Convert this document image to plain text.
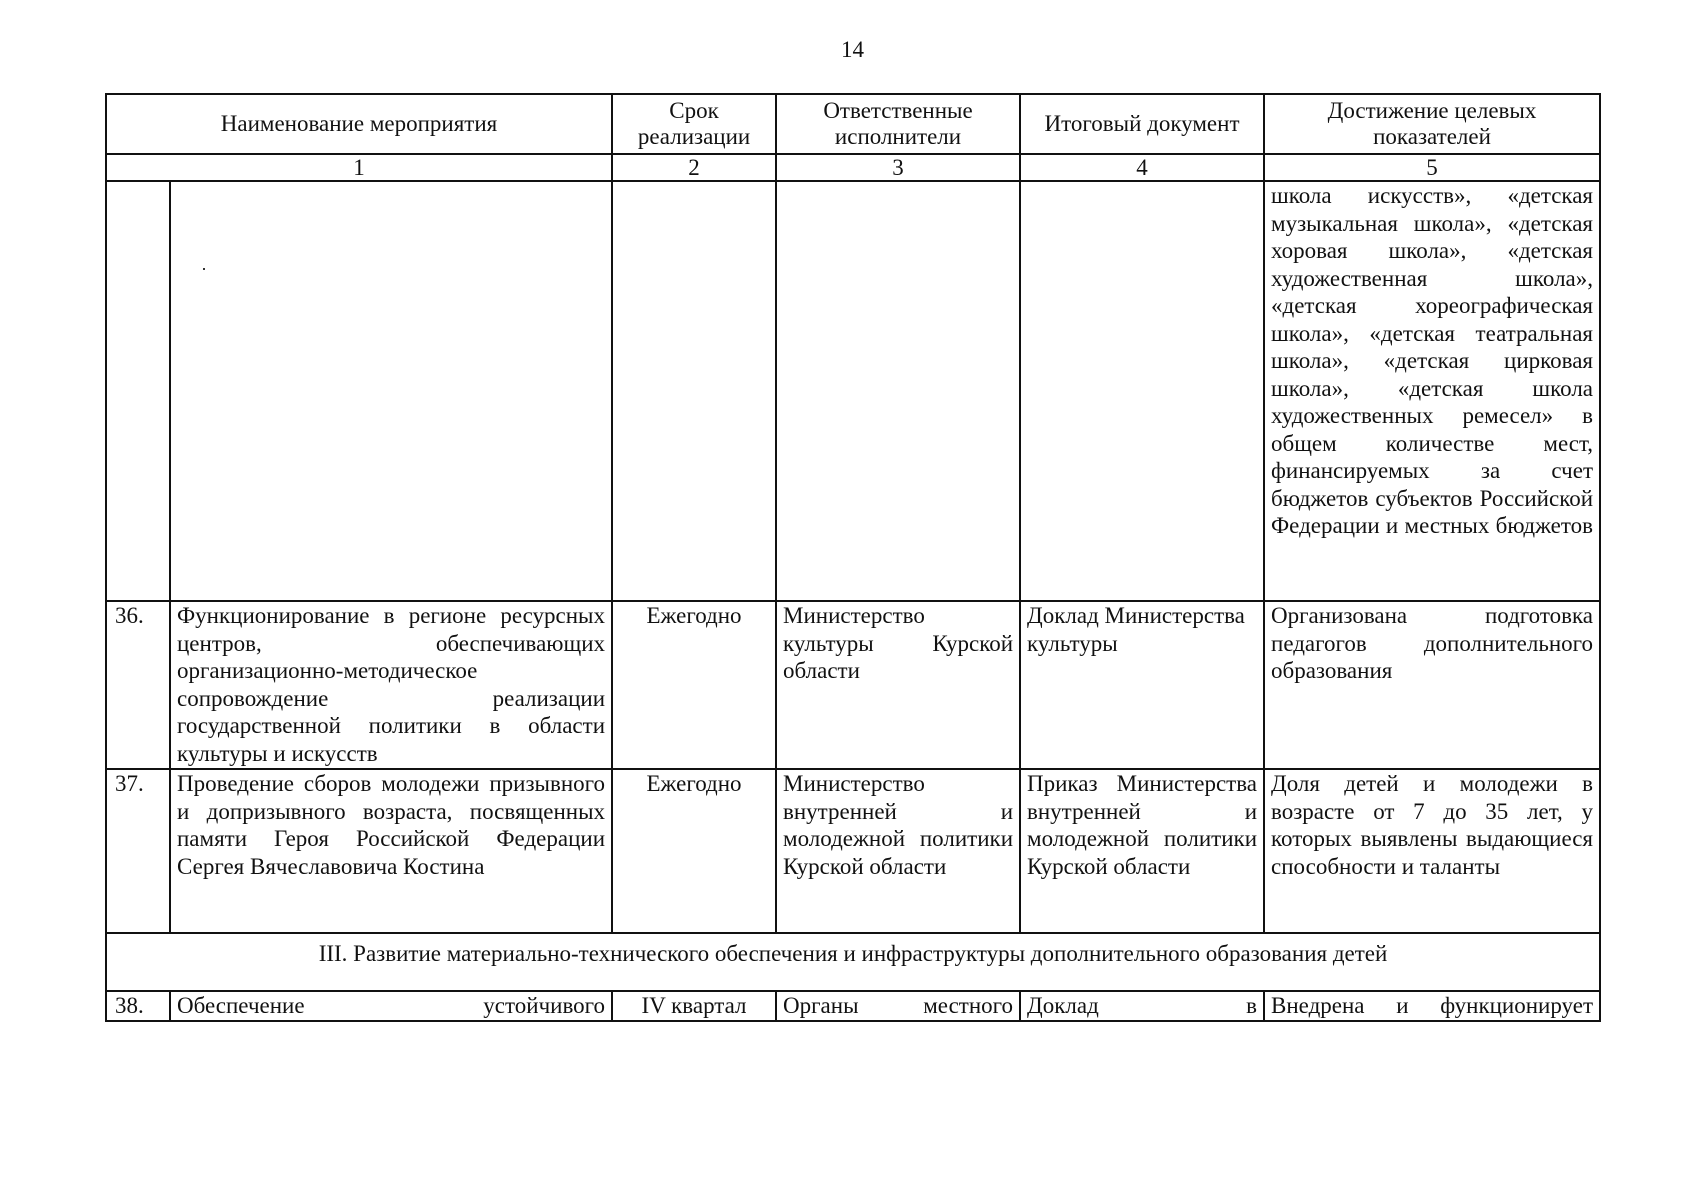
14
Наименование мероприятия		Срок реализации	Ответственные исполнители	Итоговый документ	Достижение целевых показателей
1		2	3	4	5
					школа искусств», «детская музыкальная школа», «детская хоровая школа», «детская художественная школа», «детская хореографическая школа», «детская театральная школа», «детская цирковая школа», «детская школа художественных ремесел» в общем количестве мест, финансируемых за счет бюджетов субъектов Российской Федерации и местных бюджетов
36.	Функционирование в регионе ресурсных центров, обеспечивающих организационно-методическое сопровождение реализации государственной политики в области культуры и искусств	Ежегодно	Министерство культуры Курской области	Доклад Министерства культуры	Организована подготовка педагогов дополнительного образования
37.	Проведение сборов молодежи призывного и допризывного возраста, посвященных памяти Героя Российской Федерации Сергея Вячеславовича Костина	Ежегодно	Министерство внутренней и молодежной политики Курской области	Приказ Министерства внутренней и молодежной политики Курской области	Доля детей и молодежи в возрасте от 7 до 35 лет, у которых выявлены выдающиеся способности и таланты
III. Развитие материально-технического обеспечения и инфраструктуры дополнительного образования детей					
38.	Обеспечение устойчивого	IV квартал	Органы местного	Доклад в	Внедрена и функционирует
